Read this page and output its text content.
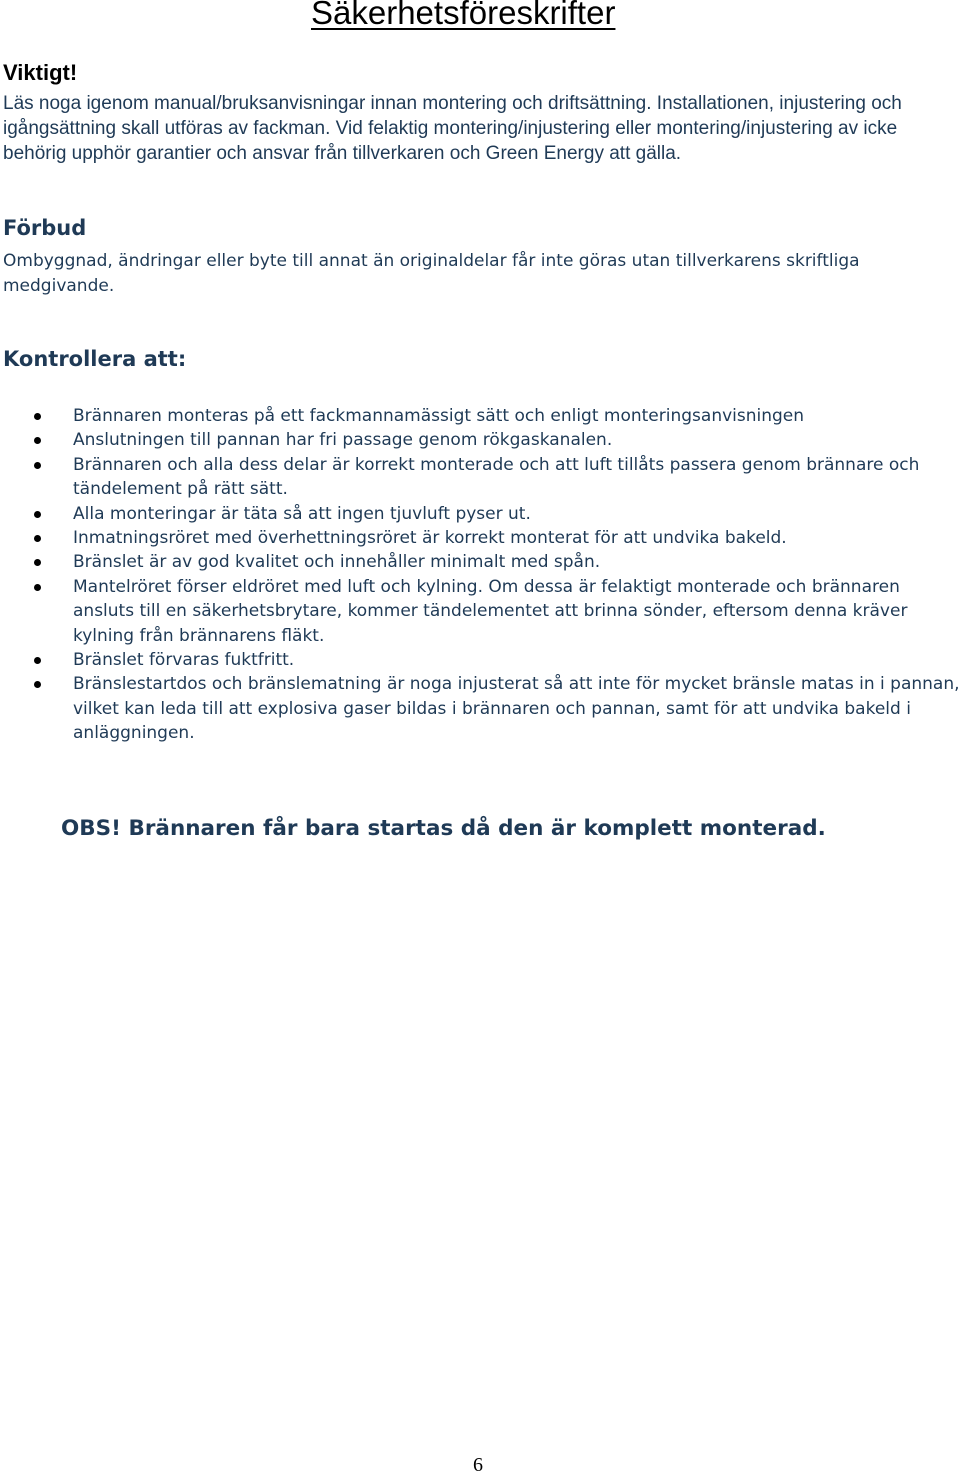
Säkerhetsföreskrifter
Viktigt!

Läs noga igenom manual/bruksanvisningar innan montering och driftsättning. Installationen, injustering och igångsättning skall utföras av fackman. Vid felaktig montering/injustering eller montering/injustering av icke behörig upphör garantier och ansvar från tillverkaren och Green Energy att gälla.

Förbud

Ombyggnad, ändringar eller byte till annat än originaldelar får inte göras utan tillverkarens skriftliga medgivande.

Kontrollera att:
Brännaren monteras på ett fackmannamässigt sätt och enligt monteringsanvisningen
Anslutningen till pannan har fri passage genom rökgaskanalen.
Brännaren och alla dess delar är korrekt monterade och att luft tillåts passera genom brännare och tändelement på rätt sätt.
Alla monteringar är täta så att ingen tjuvluft pyser ut.
Inmatningsröret med överhettningsröret är korrekt monterat för att undvika bakeld.
Bränslet är av god kvalitet och innehåller minimalt med spån.
Mantelröret förser eldröret med luft och kylning. Om dessa är felaktigt monterade och brännaren ansluts till en säkerhetsbrytare, kommer tändelementet att brinna sönder, eftersom denna kräver kylning från brännarens fläkt.
Bränslet förvaras fuktfritt.
Bränslestartdos och bränslematning är noga injusterat så att inte för mycket bränsle matas in i pannan, vilket kan leda till att explosiva gaser bildas i brännaren och pannan, samt för att undvika bakeld i anläggningen.

OBS! Brännaren får bara startas då den är komplett monterad.

6
